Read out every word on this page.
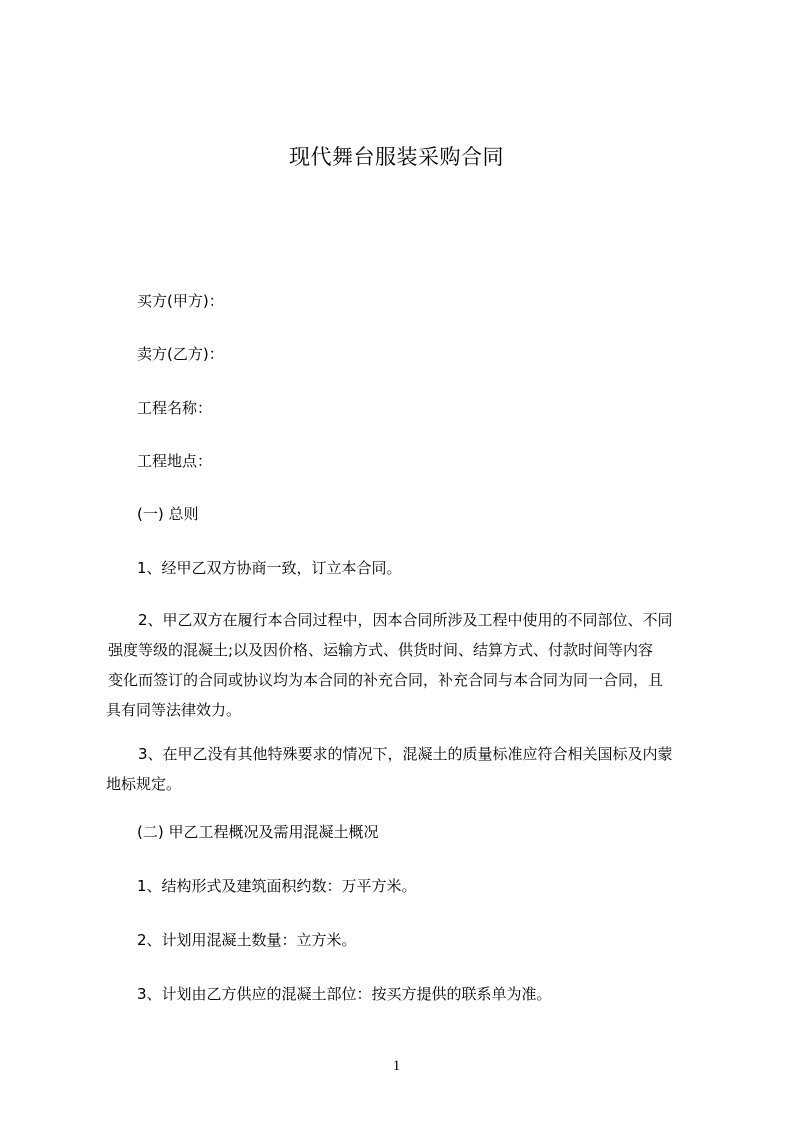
现代舞台服装采购合同
买方(甲方)：
卖方(乙方)：
工程名称：
工程地点：
(一) 总则
1、经甲乙双方协商一致，订立本合同。
2、甲乙双方在履行本合同过程中，因本合同所涉及工程中使用的不同部位、不同
强度等级的混凝土;以及因价格、运输方式、供货时间、结算方式、付款时间等内容
变化而签订的合同或协议均为本合同的补充合同，补充合同与本合同为同一合同，且
具有同等法律效力。
3、在甲乙没有其他特殊要求的情况下，混凝土的质量标准应符合相关国标及内蒙
地标规定。
(二) 甲乙工程概况及需用混凝土概况
1、结构形式及建筑面积约数：万平方米。
2、计划用混凝土数量：立方米。
3、计划由乙方供应的混凝土部位：按买方提供的联系单为准。
1
